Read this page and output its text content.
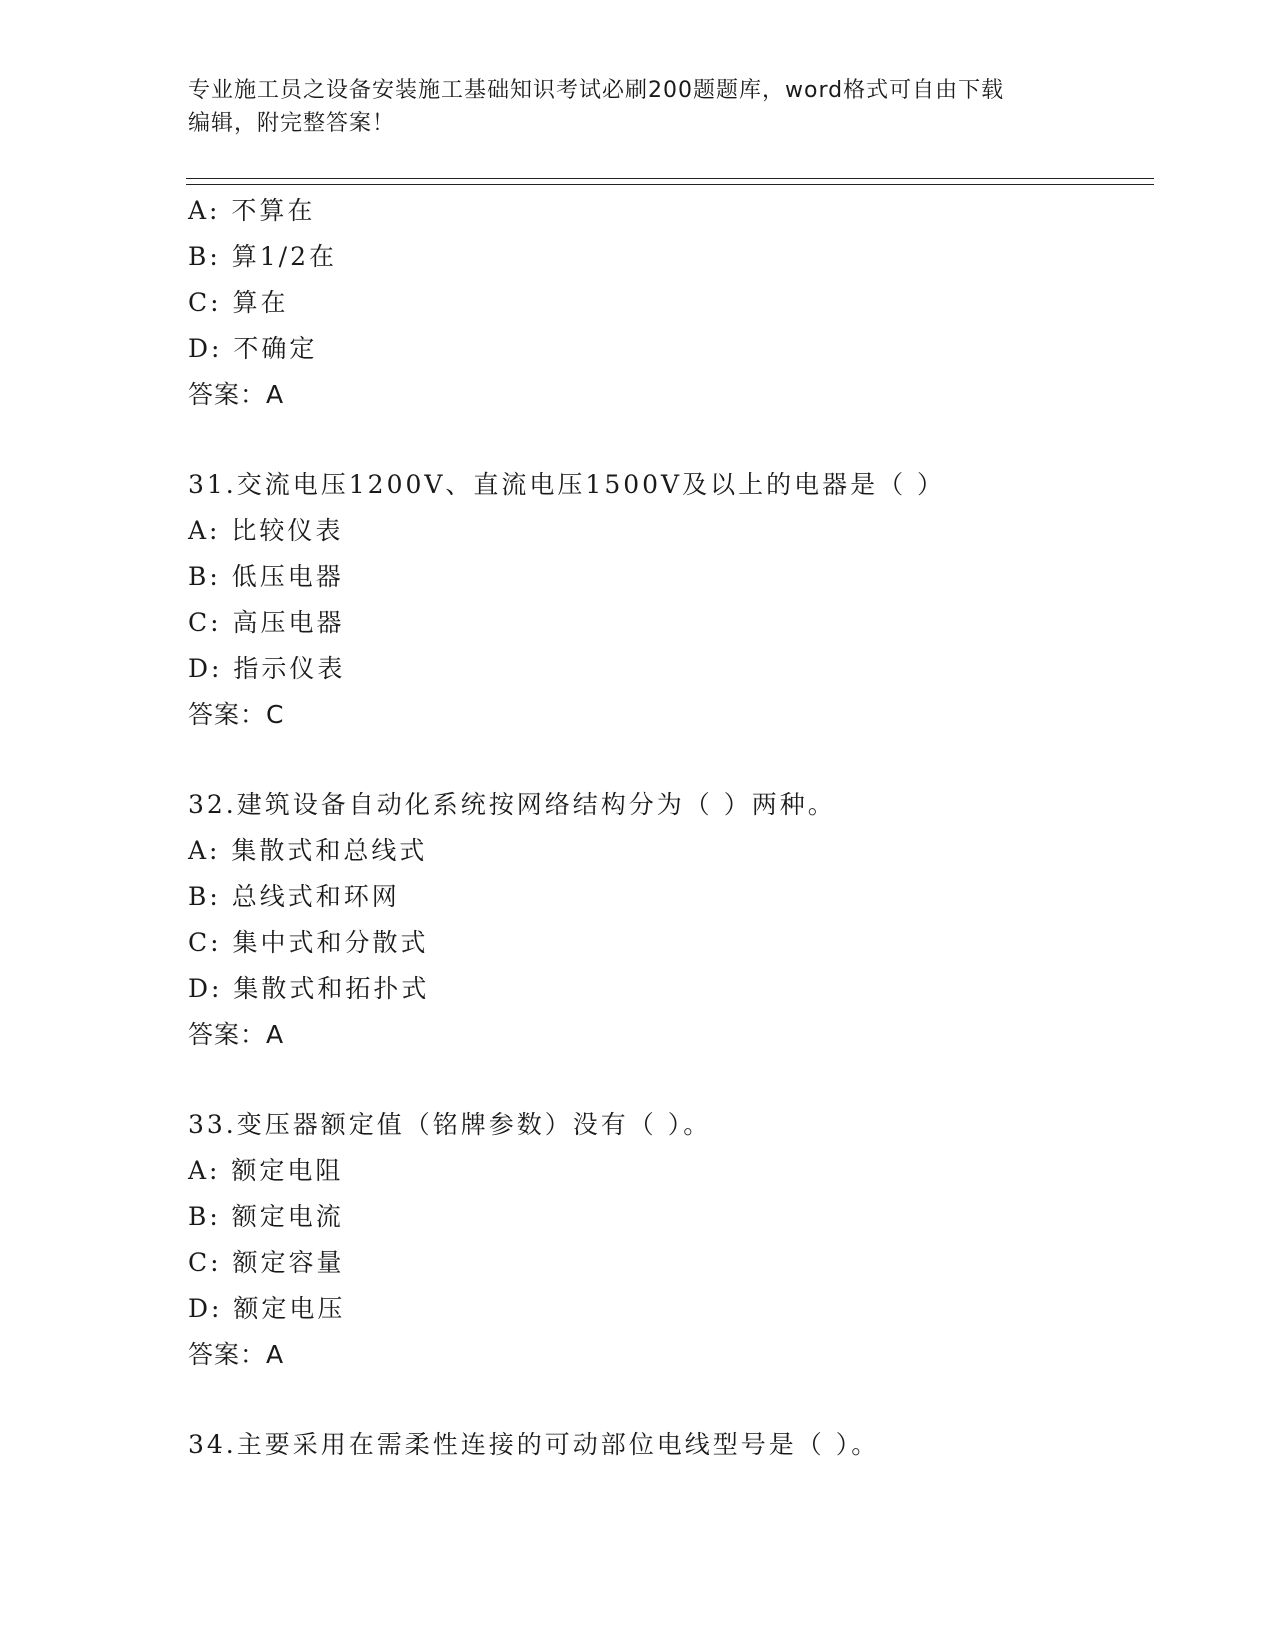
专业施工员之设备安装施工基础知识考试必刷200题题库，word格式可自由下载
编辑，附完整答案！
A: 不算在
B: 算1/2在
C: 算在
D: 不确定
答案：A
31.交流电压1200V、直流电压1500V及以上的电器是（ ）
A: 比较仪表
B: 低压电器
C: 高压电器
D: 指示仪表
答案：C
32.建筑设备自动化系统按网络结构分为（ ）两种。
A: 集散式和总线式
B: 总线式和环网
C: 集中式和分散式
D: 集散式和拓扑式
答案：A
33.变压器额定值（铭牌参数）没有（ ）。
A: 额定电阻
B: 额定电流
C: 额定容量
D: 额定电压
答案：A
34.主要采用在需柔性连接的可动部位电线型号是（ ）。
